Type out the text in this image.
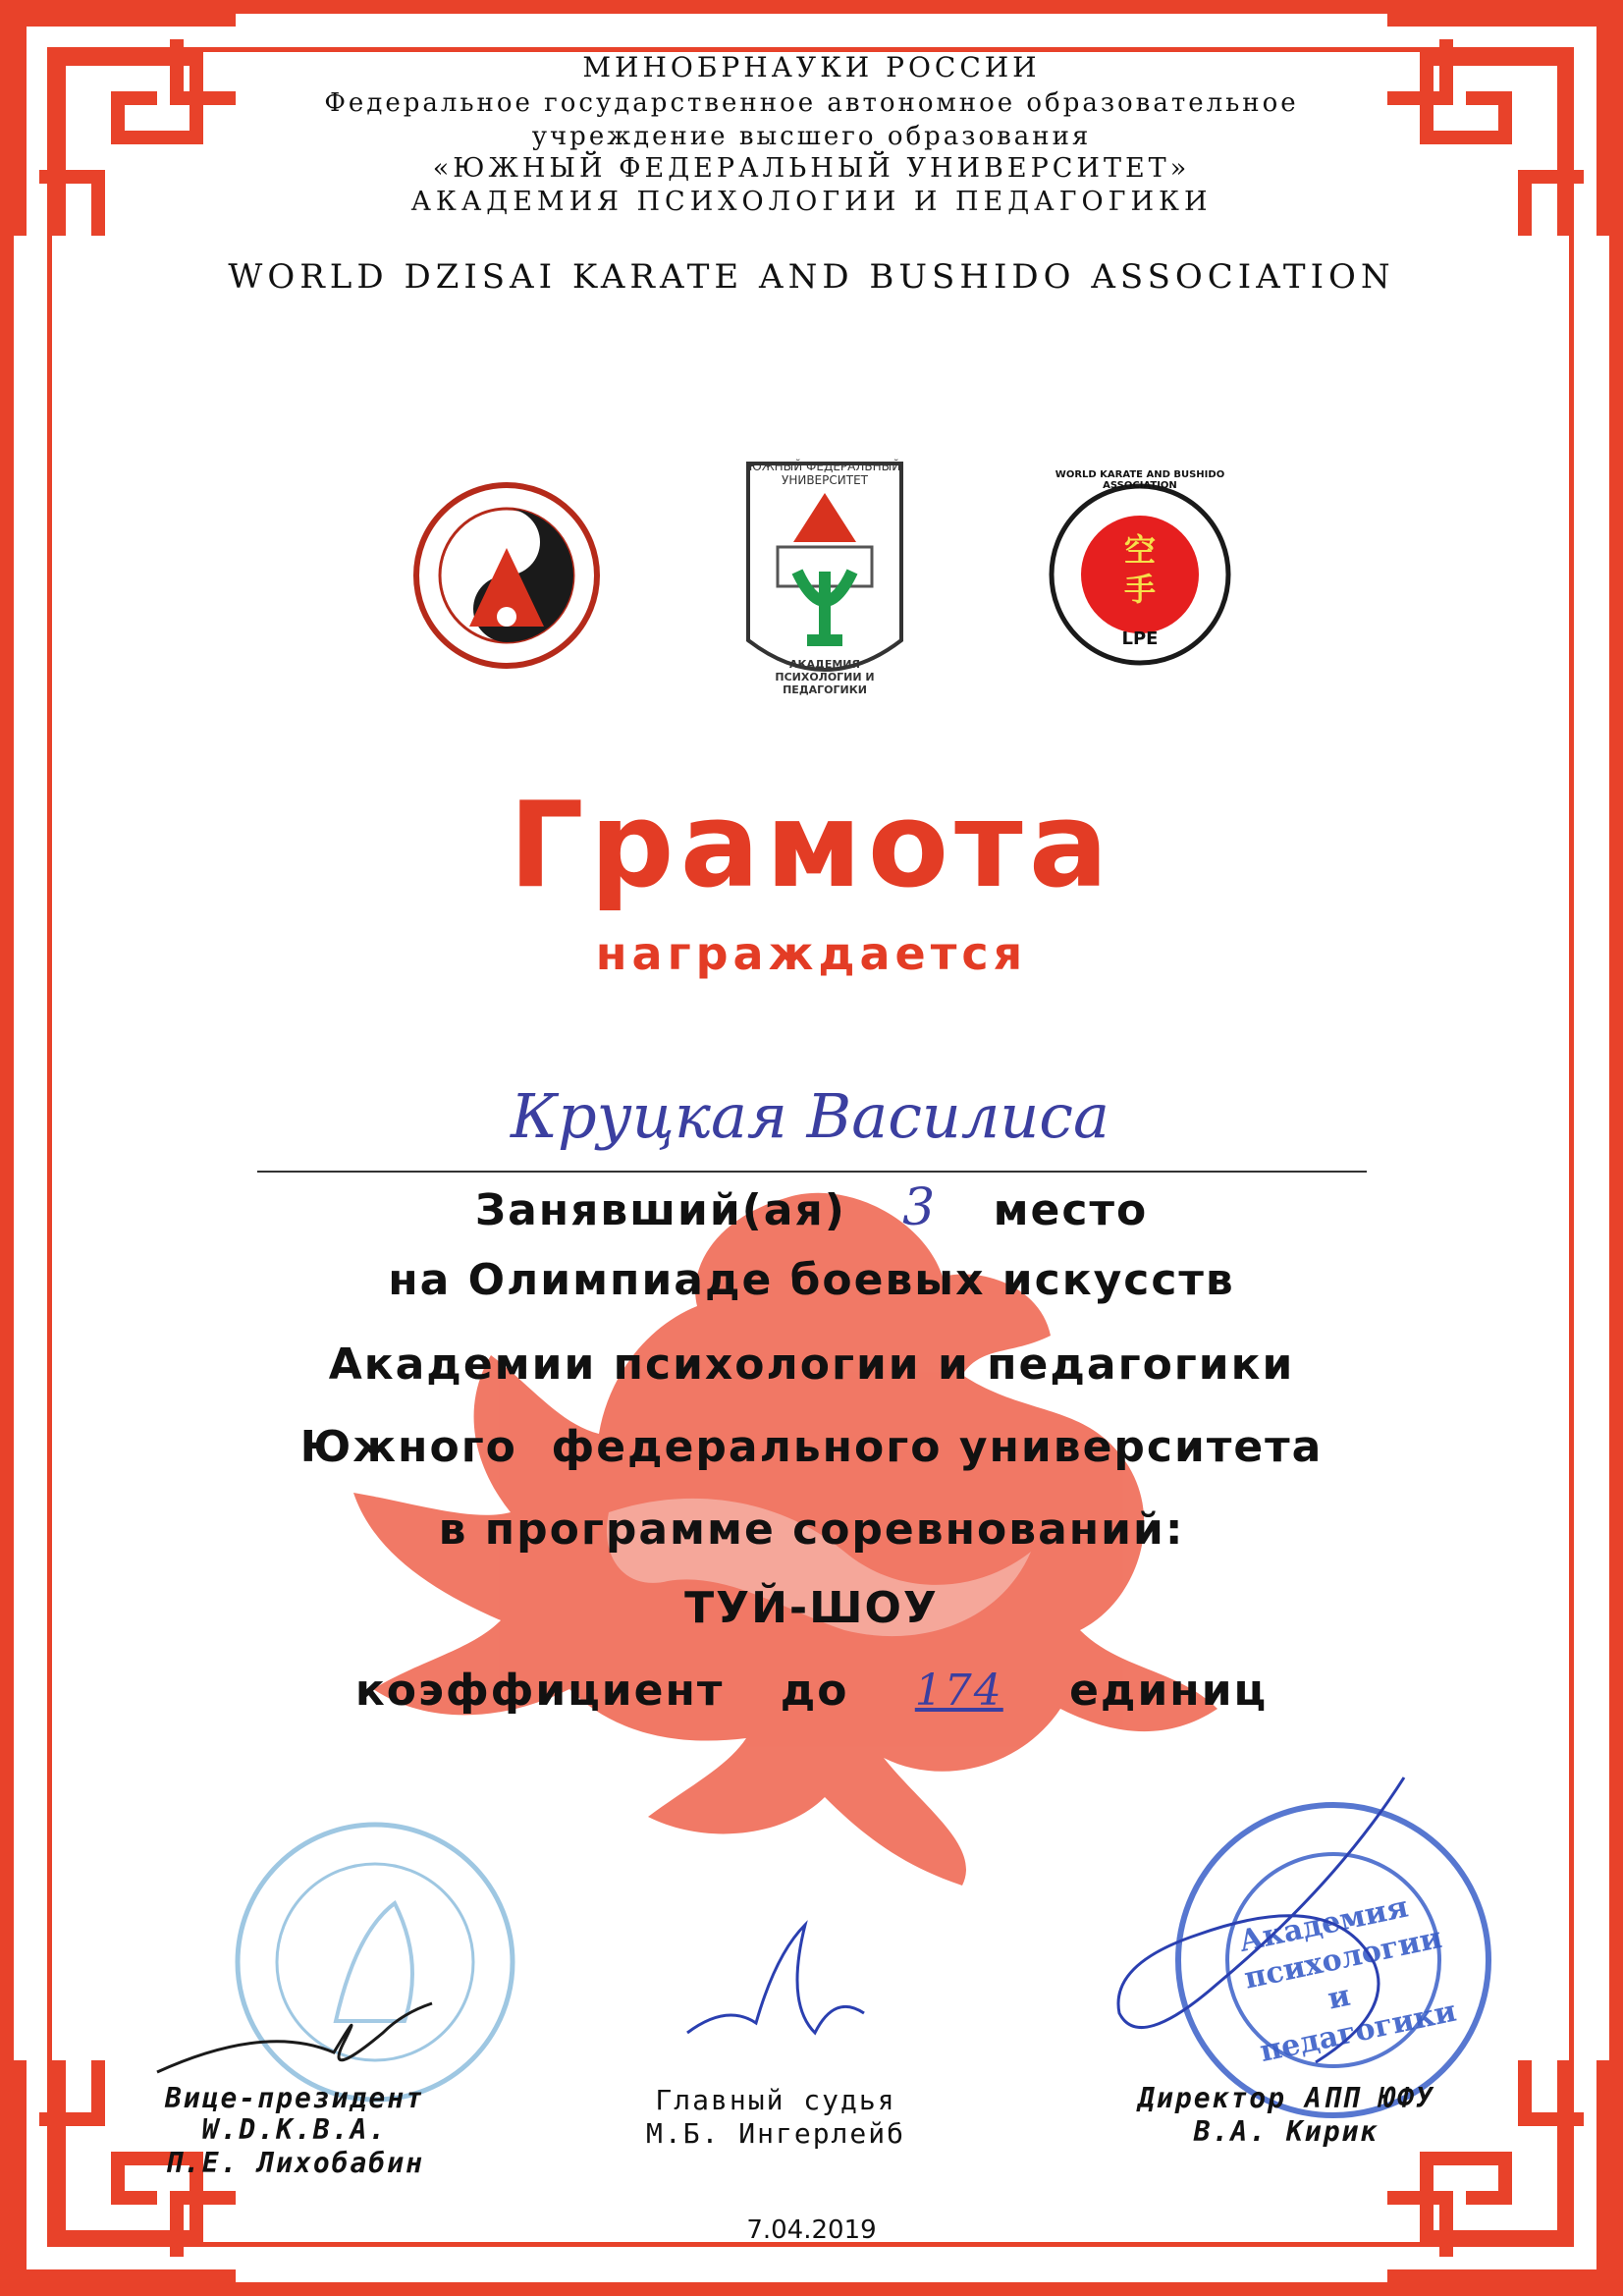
МИНОБРНАУКИ РОССИИ
Федеральное государственное автономное образовательное
учреждение высшего образования
«ЮЖНЫЙ ФЕДЕРАЛЬНЫЙ УНИВЕРСИТЕТ»
АКАДЕМИЯ ПСИХОЛОГИИ И ПЕДАГОГИКИ
WORLD DZISAI KARATE AND BUSHIDO ASSOCIATION
ЮЖНЫЙ ФЕДЕРАЛЬНЫЙ УНИВЕРСИТЕТ
АКАДЕМИЯ ПСИХОЛОГИИ И ПЕДАГОГИКИ
空手
LPE
WORLD KARATE AND BUSHIDO ASSOCIATION
Грамота
награждается
Круцкая Василиса
Занявший(ая) 3 место
на Олимпиаде боевых искусств
Академии психологии и педагогики
Южного  федерального университета
в программе соревнований:
ТУЙ-ШОУ
коэффициент до 174 единиц
Академия психологии и педагогики
Вице-президент
W.D.K.B.A.
П.Е. Лихобабин
Главный судья
М.Б. Ингерлейб
Директор АПП ЮФУ
В.А. Кирик
7.04.2019
